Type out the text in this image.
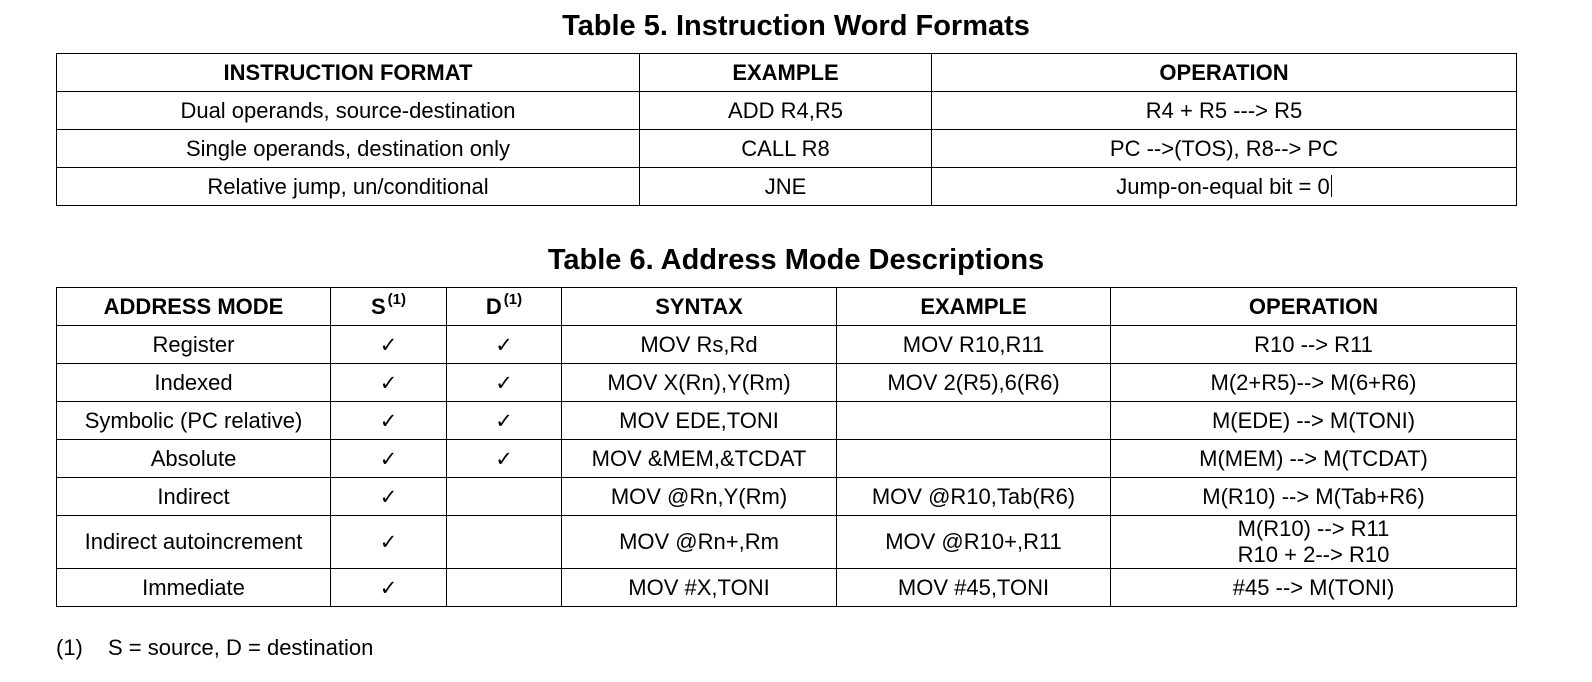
Table 5. Instruction Word Formats
INSTRUCTION FORMAT	EXAMPLE	OPERATION
Dual operands, source-destination	ADD R4,R5	R4 + R5 ---> R5
Single operands, destination only	CALL R8	PC -->(TOS), R8--> PC
Relative jump, un/conditional	JNE	Jump-on-equal bit = 0
Table 6. Address Mode Descriptions
ADDRESS MODE	S $^{(1)}$	D $^{(1)}$	SYNTAX	EXAMPLE	OPERATION
Register	✓	✓	MOV Rs,Rd	MOV R10,R11	R10 --> R11

Indexed	✓	✓	MOV X(Rn),Y(Rm)	MOV 2(R5),6(R6)	M(2+R5)--> M(6+R6)

Symbolic (PC relative)	✓	✓	MOV EDE,TONI		M(EDE) --> M(TONI)

Absolute	✓	✓	MOV &MEM,&TCDAT		M(MEM) --> M(TCDAT)

Indirect	✓		MOV @Rn,Y(Rm)	MOV @R10,Tab(R6)	M(R10) --> M(Tab+R6)

Indirect autoincrement	✓		MOV @Rn+,Rm	MOV @R10+,R11	M(R10) --> R11
R10 + 2--> R10

Immediate	✓		MOV #X,TONI	MOV #45,TONI	#45 --> M(TONI)
(1) S = source, D = destination
